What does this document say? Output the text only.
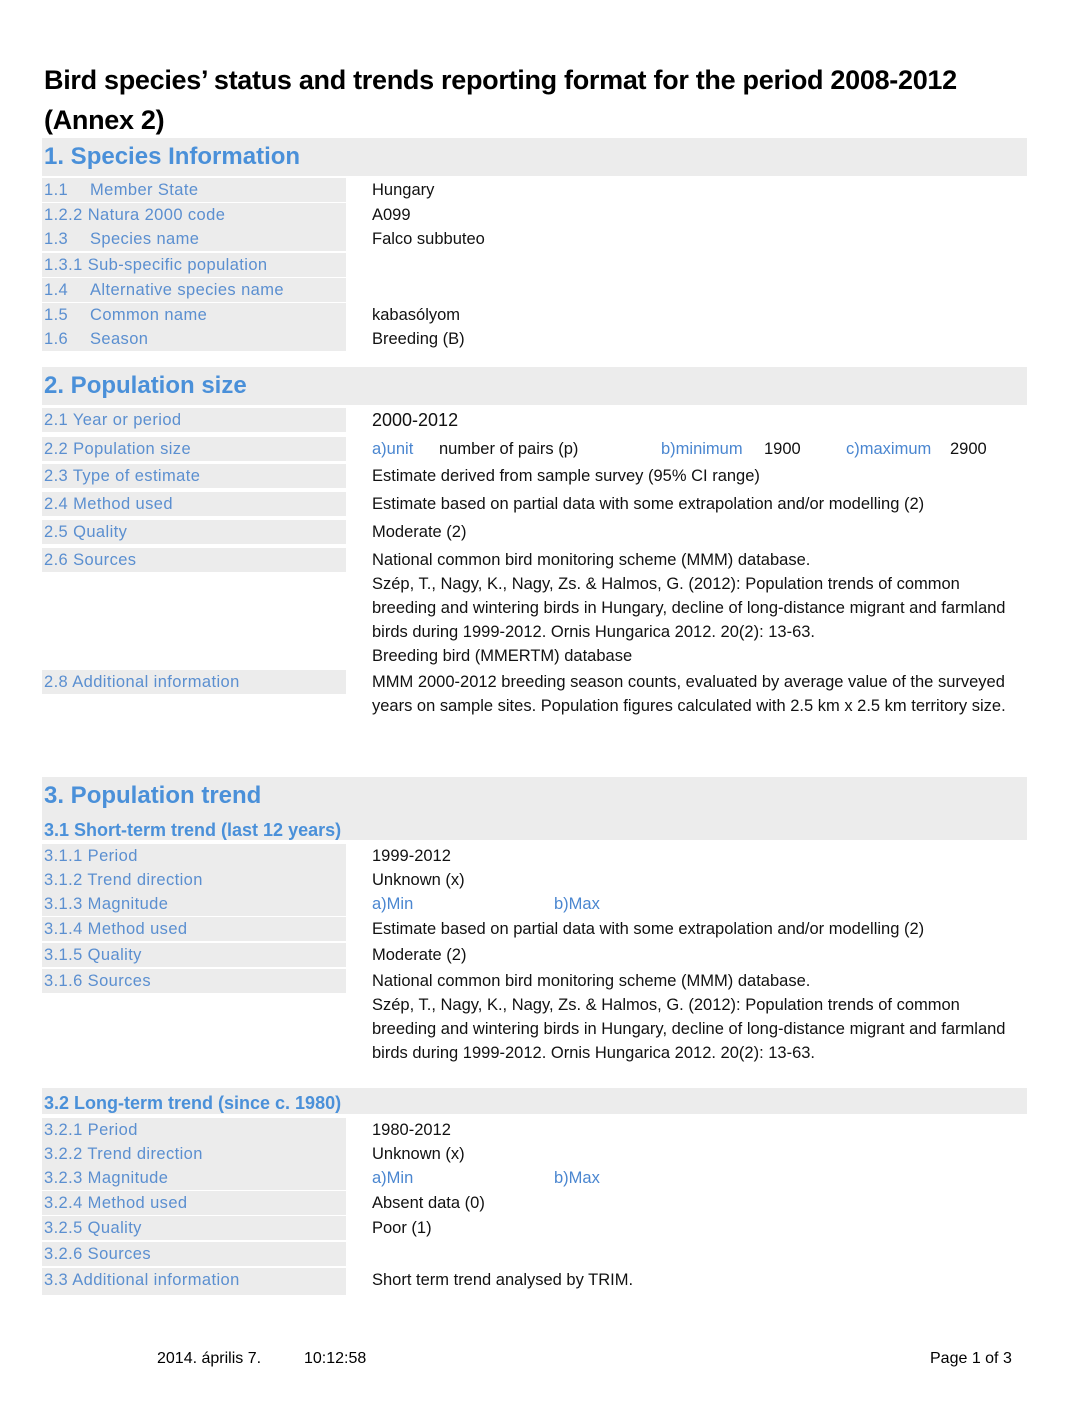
Bird species’ status and trends reporting format for the period 2008-2012
(Annex 2)
1. Species Information
1.1 Member State	Hungary
1.2.2 Natura 2000 code	A099
1.3 Species name	Falco subbuteo
1.3.1 Sub-specific population
1.4 Alternative species name
1.5 Common name	kabasólyom
1.6 Season	Breeding (B)
2. Population size
2.1 Year or period	2000-2012
2.2 Population size	a)unit number of pairs (p)	b)minimum 1900	c)maximum 2900
2.3 Type of estimate	Estimate derived from sample survey (95% CI range)
2.4 Method used	Estimate based on partial data with some extrapolation and/or modelling (2)
2.5 Quality	Moderate (2)
2.6 Sources	National common bird monitoring scheme (MMM) database.
Szép, T., Nagy, K., Nagy, Zs. & Halmos, G. (2012): Population trends of common breeding and wintering birds in Hungary, decline of long-distance migrant and farmland birds during 1999-2012. Ornis Hungarica 2012. 20(2): 13-63.
Breeding bird (MMERTM) database
2.8 Additional information	MMM 2000-2012 breeding season counts, evaluated by average value of the surveyed years on sample sites. Population figures calculated with 2.5 km x 2.5 km territory size.
3. Population trend
3.1 Short-term trend (last 12 years)
3.1.1 Period	1999-2012
3.1.2 Trend direction	Unknown (x)
3.1.3 Magnitude	a)Min	b)Max
3.1.4 Method used	Estimate based on partial data with some extrapolation and/or modelling (2)
3.1.5 Quality	Moderate (2)
3.1.6 Sources	National common bird monitoring scheme (MMM) database.
Szép, T., Nagy, K., Nagy, Zs. & Halmos, G. (2012): Population trends of common breeding and wintering birds in Hungary, decline of long-distance migrant and farmland birds during 1999-2012. Ornis Hungarica 2012. 20(2): 13-63.
3.2 Long-term trend (since c. 1980)
3.2.1 Period	1980-2012
3.2.2 Trend direction	Unknown (x)
3.2.3 Magnitude	a)Min	b)Max
3.2.4 Method used	Absent data (0)
3.2.5 Quality	Poor (1)
3.2.6 Sources
3.3 Additional information	Short term trend analysed by TRIM.
2014. április 7.	10:12:58	Page 1 of 3
